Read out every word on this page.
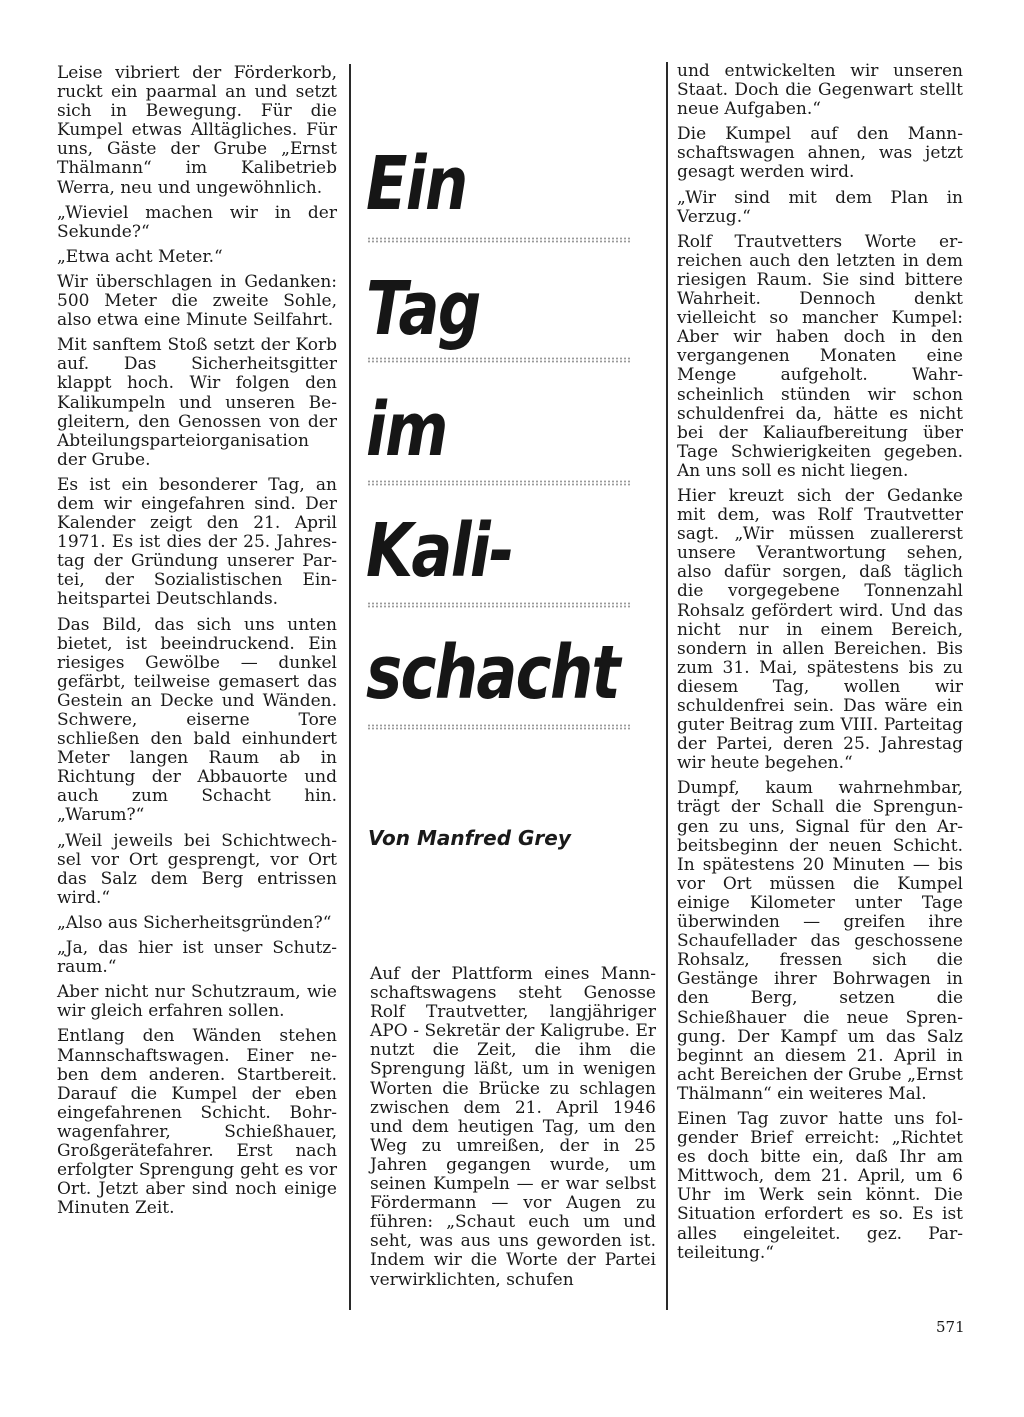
Leise vibriert der Förderkorb, ruckt ein paarmal an und setzt sich in Bewegung. Für die Kumpel etwas Alltägliches. Für uns, Gäste der Grube „Ernst Thälmann“ im Kalibetrieb Werra, neu und ungewöhnlich.

„Wieviel machen wir in der Sekunde?“

„Etwa acht Meter.“

Wir überschlagen in Gedanken: 500 Meter die zweite Sohle, also etwa eine Minute Seilfahrt.

Mit sanftem Stoß setzt der Korb auf. Das Sicherheitsgitter klappt hoch. Wir folgen den Kalikumpeln und unseren Begleitern, den Genossen von der Abteilungsparteiorganisation der Grube.

Es ist ein besonderer Tag, an dem wir eingefahren sind. Der Kalender zeigt den 21. April 1971. Es ist dies der 25. Jahrestag der Gründung unserer Partei, der Sozialistischen Einheitspartei Deutschlands.

Das Bild, das sich uns unten bietet, ist beeindruckend. Ein riesiges Gewölbe — dunkel gefärbt, teilweise gemasert das Gestein an Decke und Wänden. Schwere, eiserne Tore schließen den bald einhundert Meter langen Raum ab in Richtung der Abbauorte und auch zum Schacht hin. „Warum?“

„Weil jeweils bei Schichtwechsel vor Ort gesprengt, vor Ort das Salz dem Berg entrissen wird.“

„Also aus Sicherheitsgründen?“

„Ja, das hier ist unser Schutzraum.“

Aber nicht nur Schutzraum, wie wir gleich erfahren sollen.

Entlang den Wänden stehen Mannschaftswagen. Einer neben dem anderen. Startbereit. Darauf die Kumpel der eben eingefahrenen Schicht. Bohrwagenfahrer, Schießhauer, Großgerätefahrer. Erst nach erfolgter Sprengung geht es vor Ort. Jetzt aber sind noch einige Minuten Zeit.

Ein
Tag
im
Kali-
schacht
Von Manfred Grey

Auf der Plattform eines Mannschaftswagens steht Genosse Rolf Trautvetter, langjähriger APO - Sekretär der Kaligrube. Er nutzt die Zeit, die ihm die Sprengung läßt, um in wenigen Worten die Brücke zu schlagen zwischen dem 21. April 1946 und dem heutigen Tag, um den Weg zu umreißen, der in 25 Jahren gegangen wurde, um seinen Kumpeln — er war selbst Fördermann — vor Augen zu führen: „Schaut euch um und seht, was aus uns geworden ist. Indem wir die Worte der Partei verwirklichten, schufen

und entwickelten wir unseren Staat. Doch die Gegenwart stellt neue Aufgaben.“

Die Kumpel auf den Mannschaftswagen ahnen, was jetzt gesagt werden wird.

„Wir sind mit dem Plan in Verzug.“

Rolf Trautvetters Worte erreichen auch den letzten in dem riesigen Raum. Sie sind bittere Wahrheit. Dennoch denkt vielleicht so mancher Kumpel: Aber wir haben doch in den vergangenen Monaten eine Menge aufgeholt. Wahrscheinlich stünden wir schon schuldenfrei da, hätte es nicht bei der Kaliaufbereitung über Tage Schwierigkeiten gegeben. An uns soll es nicht liegen.

Hier kreuzt sich der Gedanke mit dem, was Rolf Trautvetter sagt. „Wir müssen zuallererst unsere Verantwortung sehen, also dafür sorgen, daß täglich die vorgegebene Tonnenzahl Rohsalz gefördert wird. Und das nicht nur in einem Bereich, sondern in allen Bereichen. Bis zum 31. Mai, spätestens bis zu diesem Tag, wollen wir schuldenfrei sein. Das wäre ein guter Beitrag zum VIII. Parteitag der Partei, deren 25. Jahrestag wir heute begehen.“

Dumpf, kaum wahrnehmbar, trägt der Schall die Sprengungen zu uns, Signal für den Arbeitsbeginn der neuen Schicht. In spätestens 20 Minuten — bis vor Ort müssen die Kumpel einige Kilometer unter Tage überwinden — greifen ihre Schaufellader das geschossene Rohsalz, fressen sich die Gestänge ihrer Bohrwagen in den Berg, setzen die Schießhauer die neue Sprengung. Der Kampf um das Salz beginnt an diesem 21. April in acht Bereichen der Grube „Ernst Thälmann“ ein weiteres Mal.

Einen Tag zuvor hatte uns folgender Brief erreicht: „Richtet es doch bitte ein, daß Ihr am Mittwoch, dem 21. April, um 6 Uhr im Werk sein könnt. Die Situation erfordert es so. Es ist alles eingeleitet. gez. Parteileitung.“

571
